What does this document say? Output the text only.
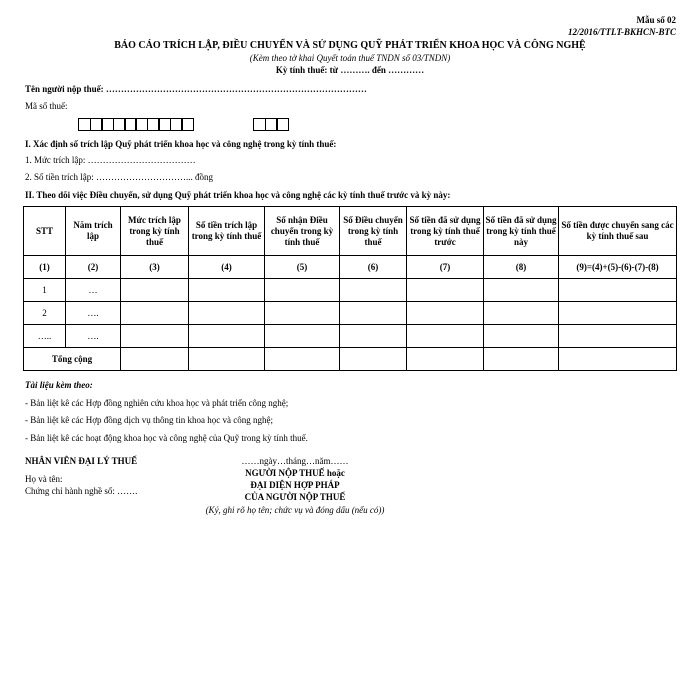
Mẫu số 02
12/2016/TTLT-BKHCN-BTC
BÁO CÁO TRÍCH LẬP, ĐIỀU CHUYỂN VÀ SỬ DỤNG QUỸ PHÁT TRIỂN KHOA HỌC VÀ CÔNG NGHỆ
(Kèm theo tờ khai Quyết toán thuế TNDN số 03/TNDN)
Kỳ tính thuế: từ ………. đến …………
Tên người nộp thuế: ……………………………………………………………………………
Mã số thuế:
I. Xác định số trích lập Quỹ phát triển khoa học và công nghệ trong kỳ tính thuế:
1. Mức trích lập: ………………………………
2. Số tiền trích lập: …………………………... đồng
II. Theo dõi việc Điều chuyển, sử dụng Quỹ phát triển khoa học và công nghệ các kỳ tính thuế trước và kỳ này:
STT	Năm trích lập	Mức trích lập trong kỳ tính thuế	Số tiền trích lập trong kỳ tính thuế	Số nhận Điều chuyển trong kỳ tính thuế	Số Điều chuyển trong kỳ tính thuế	Số tiền đã sử dụng trong kỳ tính thuế trước	Số tiền đã sử dụng trong kỳ tính thuế này	Số tiền được chuyển sang các kỳ tính thuế sau
(1)	(2)	(3)	(4)	(5)	(6)	(7)	(8)	(9)=(4)+(5)-(6)-(7)-(8)
1	…							
2	….							
…..	….							
Tổng cộng								
Tài liệu kèm theo:
- Bản liệt kê các Hợp đồng nghiên cứu khoa học và phát triển công nghệ;
- Bản liệt kê các Hợp đồng dịch vụ thông tin khoa học và công nghệ;
- Bản liệt kê các hoạt động khoa học và công nghệ của Quỹ trong kỳ tính thuế.
NHÂN VIÊN ĐẠI LÝ THUẾ
Họ và tên:
Chứng chỉ hành nghề số: …….
……ngày…tháng…năm……
NGƯỜI NỘP THUẾ hoặc
ĐẠI DIỆN HỢP PHÁP
CỦA NGƯỜI NỘP THUẾ
(Ký, ghi rõ họ tên; chức vụ và đóng dấu (nếu có))
